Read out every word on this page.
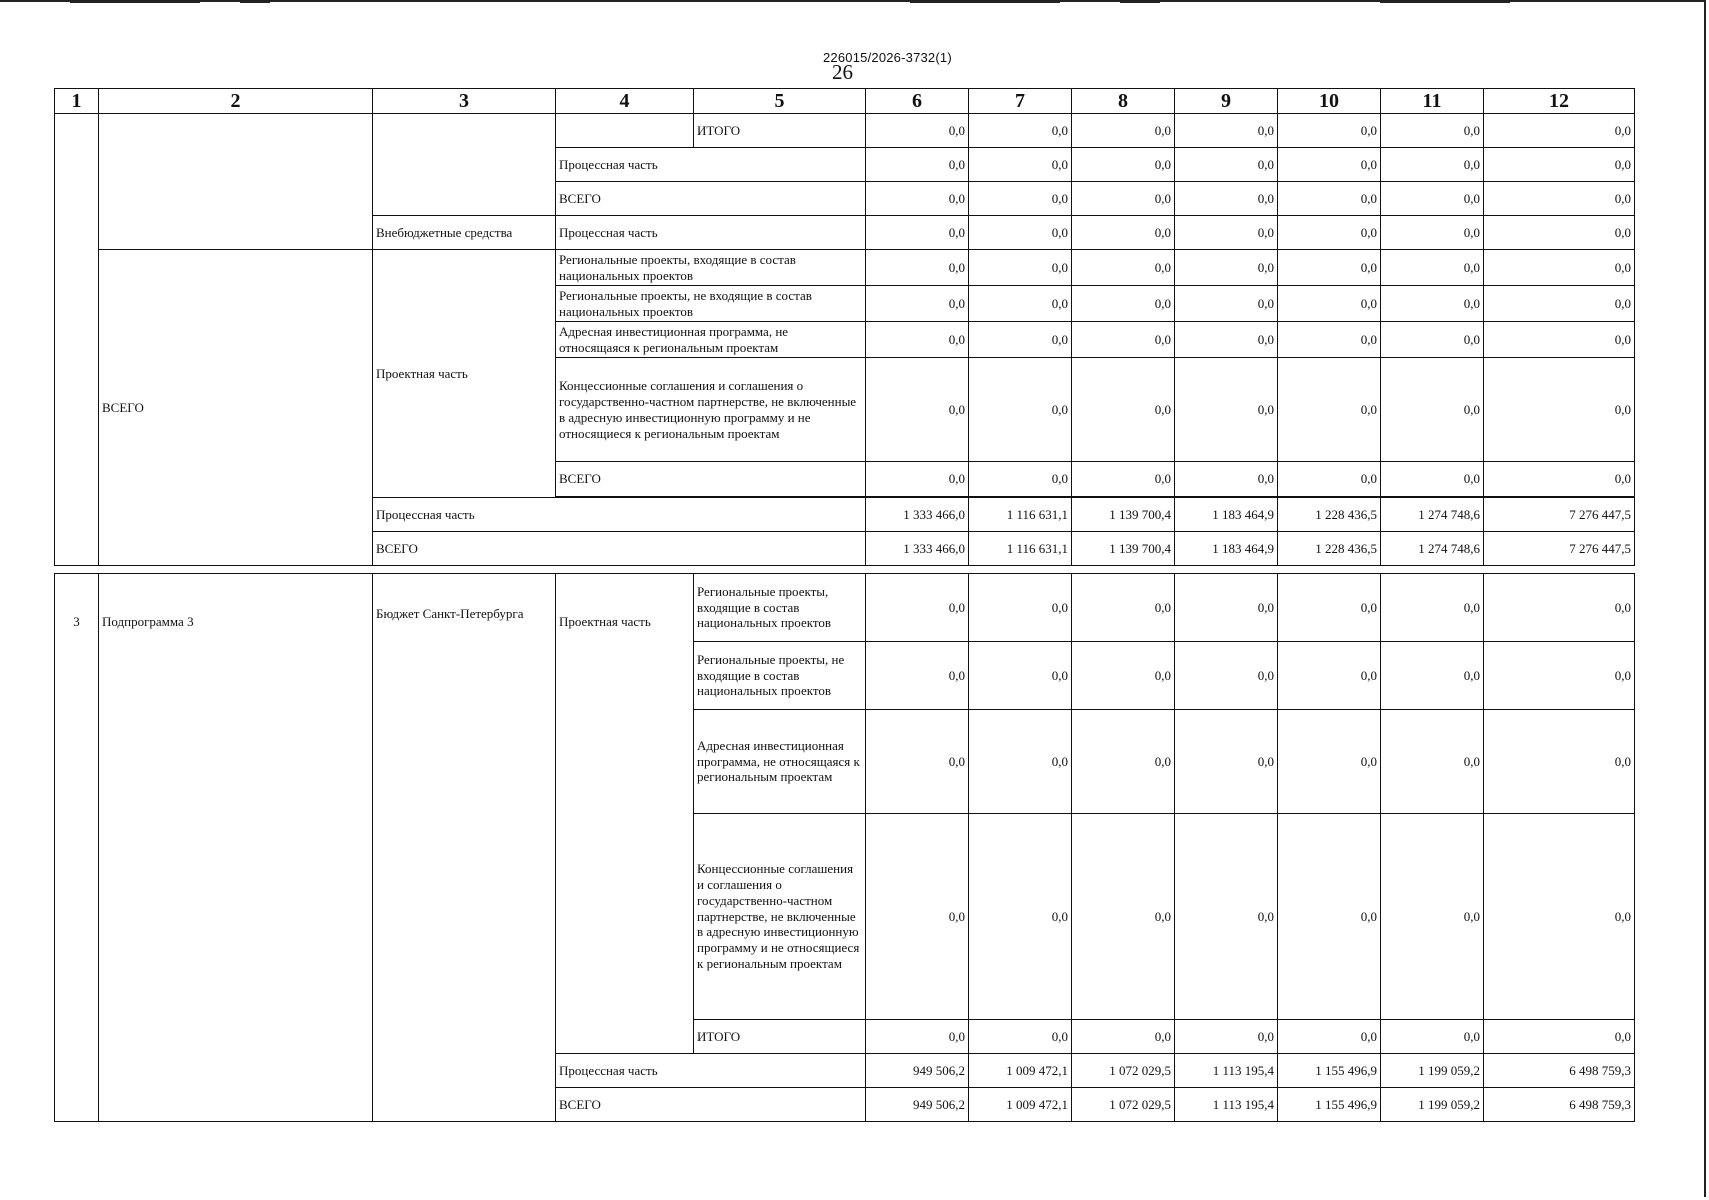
226015/2026-3732(1)
26
1	2	3	4	5	6	7	8	9	10	11	12
				ИТОГО	0,0	0,0	0,0	0,0	0,0	0,0	0,0
			Процессная часть		0,0	0,0	0,0	0,0	0,0	0,0	0,0
			ВСЕГО		0,0	0,0	0,0	0,0	0,0	0,0	0,0
		Внебюджетные средства	Процессная часть		0,0	0,0	0,0	0,0	0,0	0,0	0,0
	ВСЕГО	Проектная часть	Региональные проекты, входящие в состав национальных проектов		0,0	0,0	0,0	0,0	0,0	0,0	0,0
			Региональные проекты, не входящие в состав национальных проектов		0,0	0,0	0,0	0,0	0,0	0,0	0,0
			Адресная инвестиционная программа, не относящаяся к региональным проектам		0,0	0,0	0,0	0,0	0,0	0,0	0,0
			Концессионные соглашения и соглашения о государственно-частном партнерстве, не включенные в адресную инвестиционную программу и не относящиеся к региональным проектам		0,0	0,0	0,0	0,0	0,0	0,0	0,0
			ВСЕГО		0,0	0,0	0,0	0,0	0,0	0,0	0,0

		Процессная часть			1 333 466,0	1 116 631,1	1 139 700,4	1 183 464,9	1 228 436,5	1 274 748,6	7 276 447,5
		ВСЕГО			1 333 466,0	1 116 631,1	1 139 700,4	1 183 464,9	1 228 436,5	1 274 748,6	7 276 447,5
3	Подпрограмма 3	Бюджет Санкт-Петербурга	Проектная часть	Региональные проекты, входящие в состав национальных проектов	0,0	0,0	0,0	0,0	0,0	0,0	0,0
				Региональные проекты, не входящие в состав национальных проектов	0,0	0,0	0,0	0,0	0,0	0,0	0,0
				Адресная инвестиционная программа, не относящаяся к региональным проектам	0,0	0,0	0,0	0,0	0,0	0,0	0,0
				Концессионные соглашения и соглашения о государственно-частном партнерстве, не включенные в адресную инвестиционную программу и не относящиеся к региональным проектам	0,0	0,0	0,0	0,0	0,0	0,0	0,0
				ИТОГО	0,0	0,0	0,0	0,0	0,0	0,0	0,0
			Процессная часть		949 506,2	1 009 472,1	1 072 029,5	1 113 195,4	1 155 496,9	1 199 059,2	6 498 759,3
			ВСЕГО		949 506,2	1 009 472,1	1 072 029,5	1 113 195,4	1 155 496,9	1 199 059,2	6 498 759,3
